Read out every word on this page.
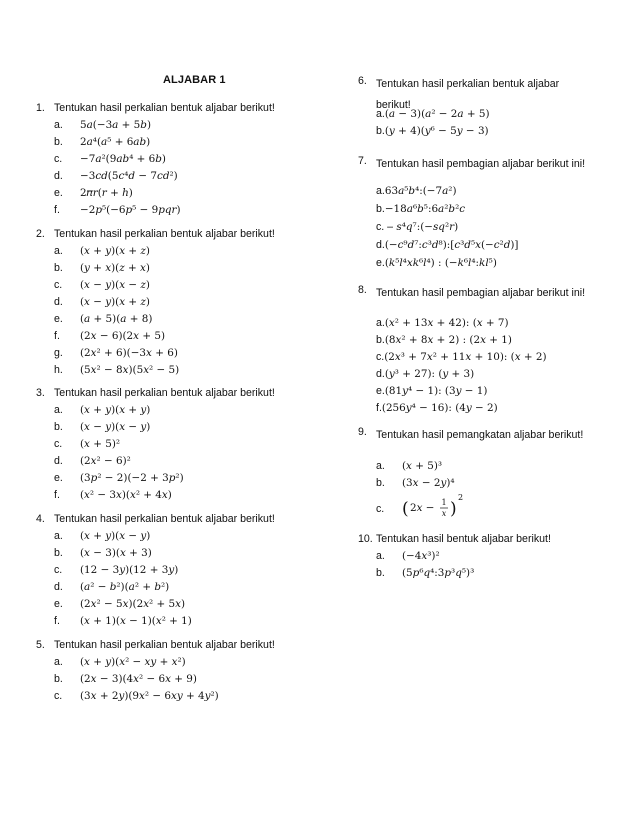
ALJABAR 1
1. Tentukan hasil perkalian bentuk aljabar berikut!
a.	5𝑎(−3𝑎 + 5𝑏)
b.	2𝑎⁴(𝑎⁵ + 6𝑎𝑏)
c.	−7𝑎²(9𝑎𝑏⁴ + 6𝑏)
d.	−3𝑐𝑑(5𝑐⁴𝑑 − 7𝑐𝑑²)
e.	2𝜋𝑟(𝑟 + ℎ)
f.	−2𝑝⁵(−6𝑝⁵ − 9𝑝𝑞𝑟)
2. Tentukan hasil perkalian bentuk aljabar berikut!
a.	(𝑥 + 𝑦)(𝑥 + 𝑧)
b.	(𝑦 + 𝑥)(𝑧 + 𝑥)
c.	(𝑥 − 𝑦)(𝑥 − 𝑧)
d.	(𝑥 − 𝑦)(𝑥 + 𝑧)
e.	(𝑎 + 5)(𝑎 + 8)
f.	(2𝑥 − 6)(2𝑥 + 5)
g.	(2𝑥² + 6)(−3𝑥 + 6)
h.	(5𝑥² − 8𝑥)(5𝑥² − 5)
3. Tentukan hasil perkalian bentuk aljabar berikut!
a.	(𝑥 + 𝑦)(𝑥 + 𝑦)
b.	(𝑥 − 𝑦)(𝑥 − 𝑦)
c.	(𝑥 + 5)²
d.	(2𝑥² − 6)²
e.	(3𝑝² − 2)(−2 + 3𝑝²)
f.	(𝑥² − 3𝑥)(𝑥² + 4𝑥)
4. Tentukan hasil perkalian bentuk aljabar berikut!
a.	(𝑥 + 𝑦)(𝑥 − 𝑦)
b.	(𝑥 − 3)(𝑥 + 3)
c.	(12 − 3𝑦)(12 + 3𝑦)
d.	(𝑎² − 𝑏²)(𝑎² + 𝑏²)
e.	(2𝑥² − 5𝑥)(2𝑥² + 5𝑥)
f.	(𝑥 + 1)(𝑥 − 1)(𝑥² + 1)
5. Tentukan hasil perkalian bentuk aljabar berikut!
a.	(𝑥 + 𝑦)(𝑥² − 𝑥𝑦 + 𝑥²)
b.	(2𝑥 − 3)(4𝑥² − 6𝑥 + 9)
c.	(3𝑥 + 2𝑦)(9𝑥² − 6𝑥𝑦 + 4𝑦²)
6. Tentukan hasil perkalian bentuk aljabar berikut!
a.(𝑎 − 3)(𝑎² − 2𝑎 + 5)
b.(𝑦 + 4)(𝑦⁶ − 5𝑦 − 3)
7. Tentukan hasil pembagian aljabar berikut ini!
a.63𝑎⁵𝑏⁴:(−7𝑎²)
b.−18𝑎⁶𝑏⁵:6𝑎²𝑏²𝑐
c. – 𝑠⁴𝑞⁷:(−𝑠𝑞²𝑟)
d.(−𝑐⁹𝑑⁷:𝑐³𝑑⁸):[𝑐³𝑑⁵𝑥(−𝑐²𝑑)]
e.(𝑘⁵𝑙⁴𝑥𝑘⁶𝑙⁴) : (−𝑘⁶𝑙⁴:𝑘𝑙⁵)
8. Tentukan hasil pembagian aljabar berikut ini!
a.(𝑥² + 13𝑥 + 42): (𝑥 + 7)
b.(8𝑥² + 8𝑥 + 2) : (2𝑥 + 1)
c.(2𝑥³ + 7𝑥² + 11𝑥 + 10): (𝑥 + 2)
d.(𝑦³ + 27): (𝑦 + 3)
e.(81𝑦⁴ − 1): (3𝑦 − 1)
f.(256𝑦⁴ − 16): (4𝑦 − 2)
9. Tentukan hasil pemangkatan aljabar berikut!
a. (𝑥 + 5)³
b. (3𝑥 − 2𝑦)⁴
c.	( 2𝑥 − 1
𝑥 )
2
10. Tentukan hasil bentuk aljabar berikut!
a. (−4𝑥³)²
b. (5𝑝⁶𝑞⁴:3𝑝³𝑞⁵)³
